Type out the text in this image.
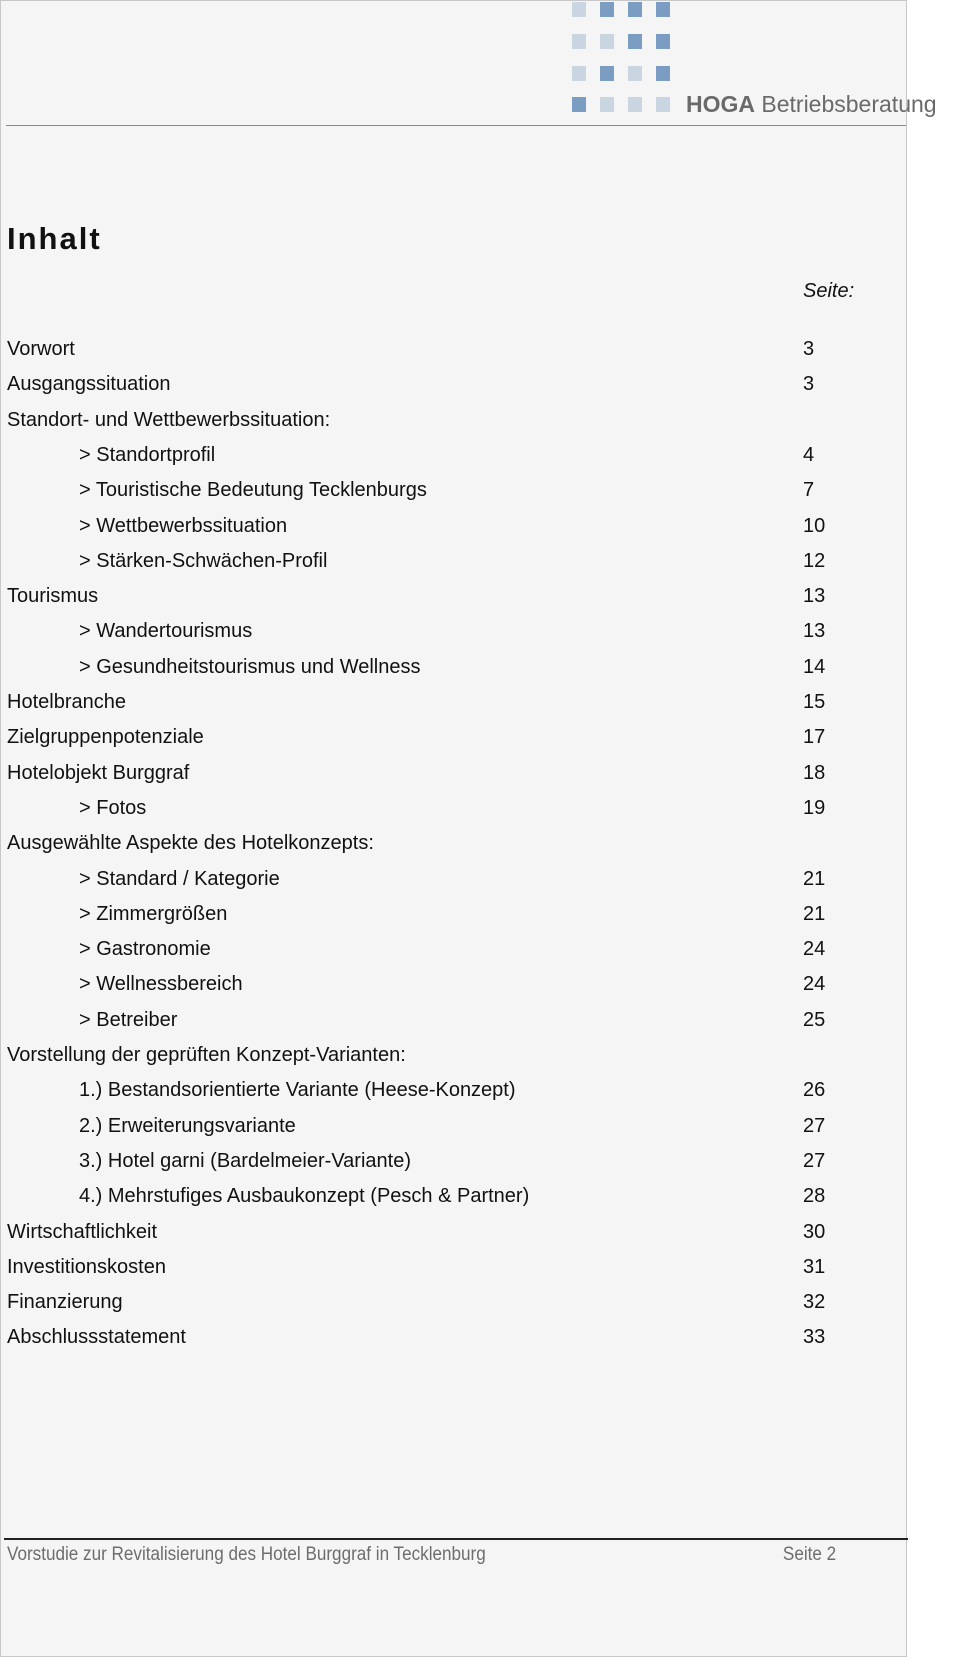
HOGA Betriebsberatung
Inhalt
Seite:
Vorwort	3
Ausgangssituation	3
Standort- und Wettbewerbssituation:
> Standortprofil	4
> Touristische Bedeutung Tecklenburgs	7
> Wettbewerbssituation	10
> Stärken-Schwächen-Profil	12
Tourismus	13
> Wandertourismus	13
> Gesundheitstourismus und Wellness	14
Hotelbranche	15
Zielgruppenpotenziale	17
Hotelobjekt Burggraf	18
> Fotos	19
Ausgewählte Aspekte des Hotelkonzepts:
> Standard / Kategorie	21
> Zimmergrößen	21
> Gastronomie	24
> Wellnessbereich	24
> Betreiber	25
Vorstellung der geprüften Konzept-Varianten:
1.) Bestandsorientierte Variante (Heese-Konzept)	26
2.) Erweiterungsvariante	27
3.) Hotel garni (Bardelmeier-Variante)	27
4.) Mehrstufiges Ausbaukonzept (Pesch & Partner)	28
Wirtschaftlichkeit	30
Investitionskosten	31
Finanzierung	32
Abschlussstatement	33
Vorstudie zur Revitalisierung des Hotel Burggraf in Tecklenburg	Seite 2
